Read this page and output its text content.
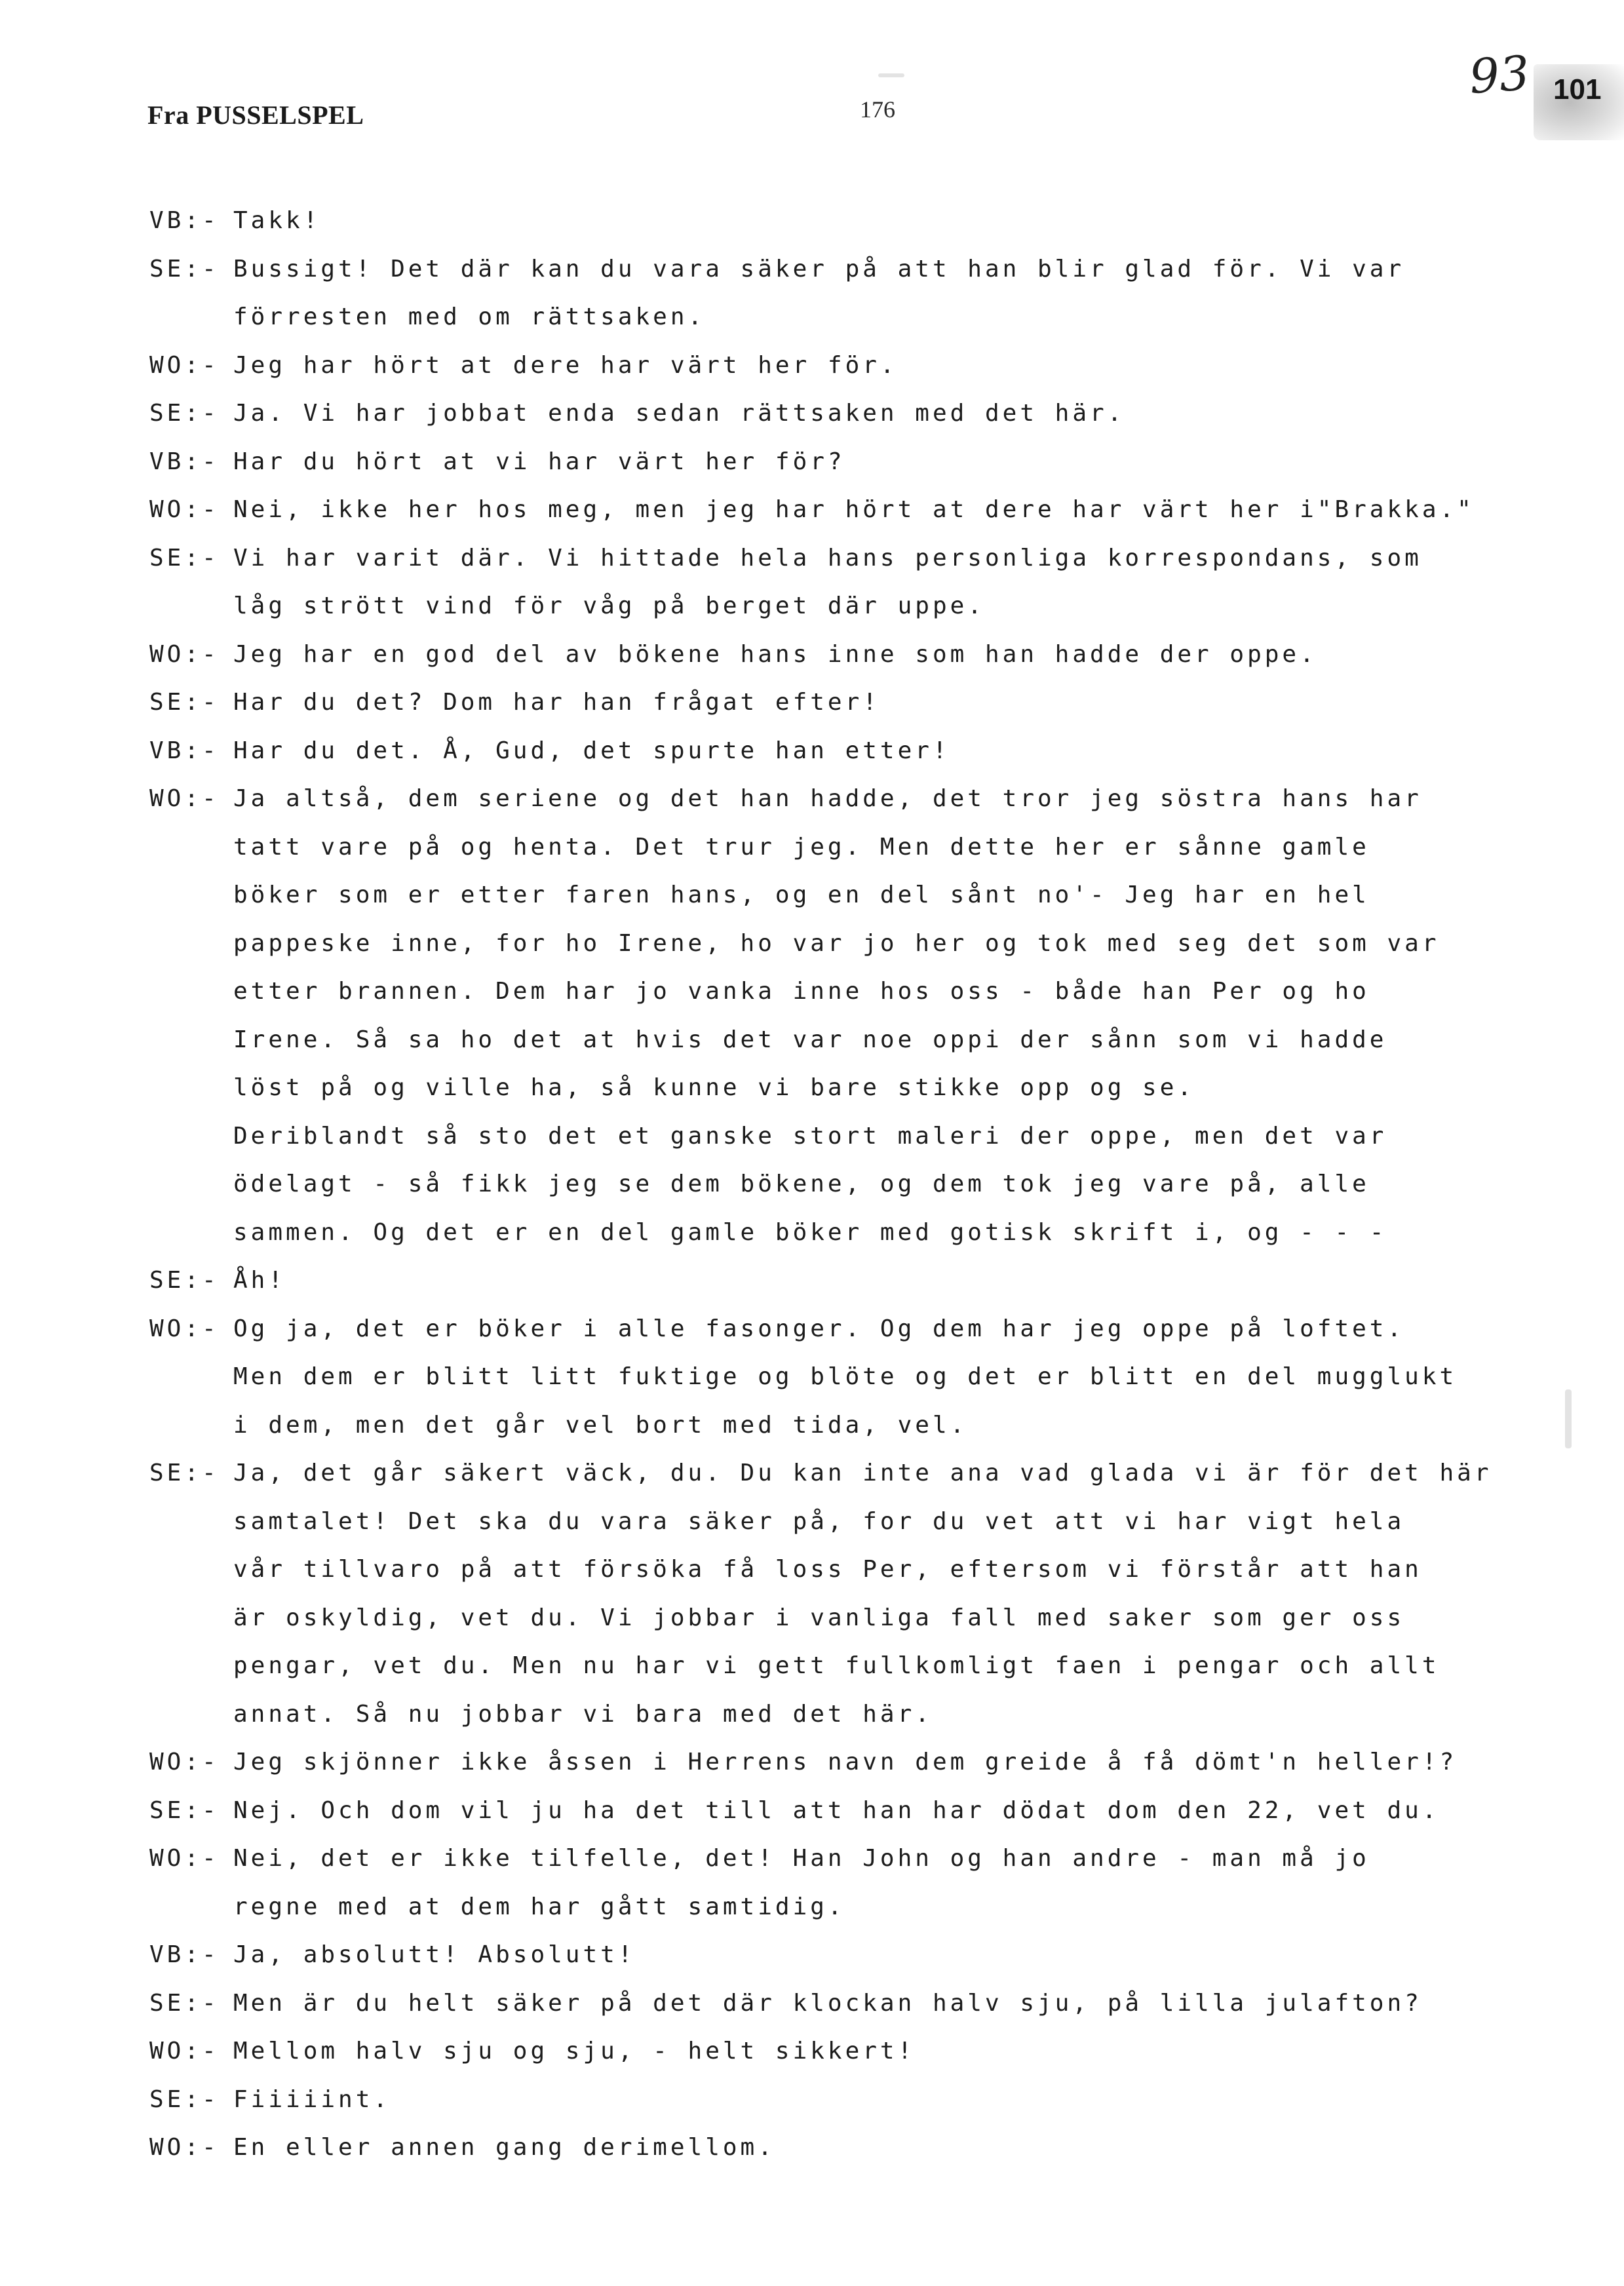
Fra PUSSELSPEL	176
93 101
VB:- Takk!
SE:- Bussigt! Det där kan du vara säker på att han blir glad för. Vi var
förresten med om rättsaken.
WO:- Jeg har hört at dere har värt her för.
SE:- Ja. Vi har jobbat enda sedan rättsaken med det här.
VB:- Har du hört at vi har värt her för?
WO:- Nei, ikke her hos meg, men jeg har hört at dere har värt her i"Brakka."
SE:- Vi har varit där. Vi hittade hela hans personliga korrespondans, som
låg strött vind för våg på berget där uppe.
WO:- Jeg har en god del av bökene hans inne som han hadde der oppe.
SE:- Har du det? Dom har han frågat efter!
VB:- Har du det. Å, Gud, det spurte han etter!
WO:- Ja altså, dem seriene og det han hadde, det tror jeg söstra hans har
tatt vare på og henta. Det trur jeg. Men dette her er sånne gamle
böker som er etter faren hans, og en del sånt no'- Jeg har en hel
pappeske inne, for ho Irene, ho var jo her og tok med seg det som var
etter brannen. Dem har jo vanka inne hos oss - både han Per og ho
Irene. Så sa ho det at hvis det var noe oppi der sånn som vi hadde
löst på og ville ha, så kunne vi bare stikke opp og se.
Deriblandt så sto det et ganske stort maleri der oppe, men det var
ödelagt - så fikk jeg se dem bökene, og dem tok jeg vare på, alle
sammen. Og det er en del gamle böker med gotisk skrift i, og - - -
SE:- Åh!
WO:- Og ja, det er böker i alle fasonger. Og dem har jeg oppe på loftet.
Men dem er blitt litt fuktige og blöte og det er blitt en del mugglukt
i dem, men det går vel bort med tida, vel.
SE:- Ja, det går säkert väck, du. Du kan inte ana vad glada vi är för det här
samtalet! Det ska du vara säker på, for du vet att vi har vigt hela
vår tillvaro på att försöka få loss Per, eftersom vi förstår att han
är oskyldig, vet du. Vi jobbar i vanliga fall med saker som ger oss
pengar, vet du. Men nu har vi gett fullkomligt faen i pengar och allt
annat. Så nu jobbar vi bara med det här.
WO:- Jeg skjönner ikke åssen i Herrens navn dem greide å få dömt'n heller!?
SE:- Nej. Och dom vil ju ha det till att han har dödat dom den 22, vet du.
WO:- Nei, det er ikke tilfelle, det! Han John og han andre - man må jo
regne med at dem har gått samtidig.
VB:- Ja, absolutt! Absolutt!
SE:- Men är du helt säker på det där klockan halv sju, på lilla julafton?
WO:- Mellom halv sju og sju, - helt sikkert!
SE:- Fiiiiint.
WO:- En eller annen gang derimellom.
